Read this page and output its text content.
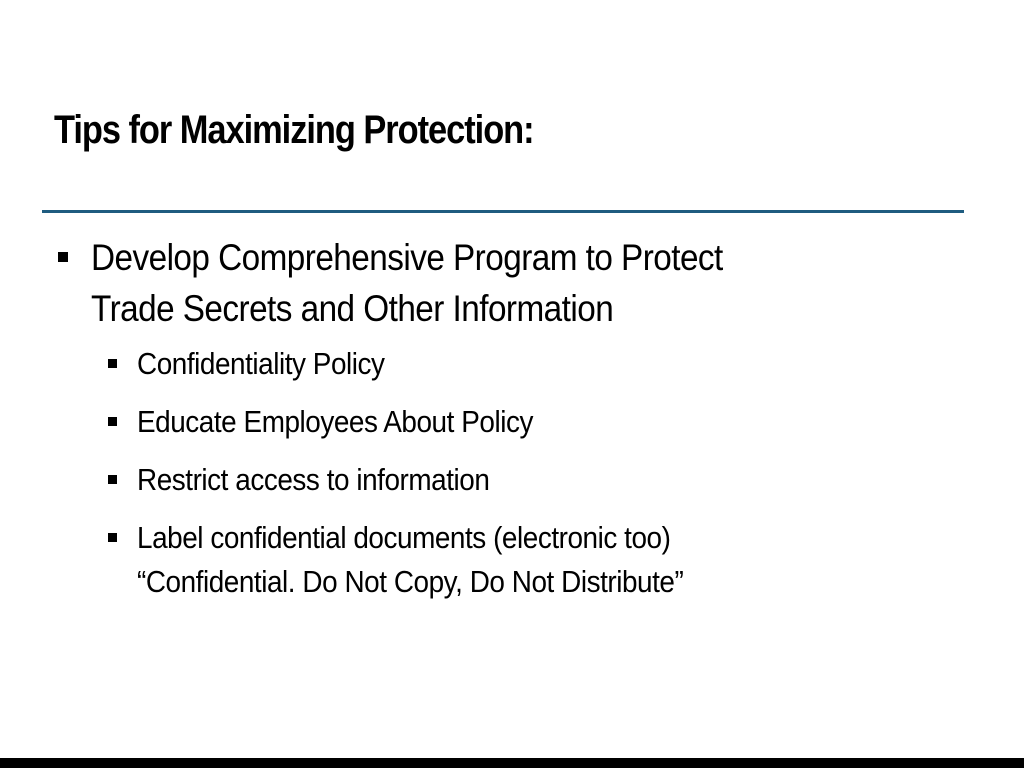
Tips for Maximizing Protection:
Develop Comprehensive Program to Protect
Trade Secrets and Other Information
Confidentiality Policy
Educate Employees About Policy
Restrict access to information
Label confidential documents (electronic too)
“Confidential. Do Not Copy, Do Not Distribute”
